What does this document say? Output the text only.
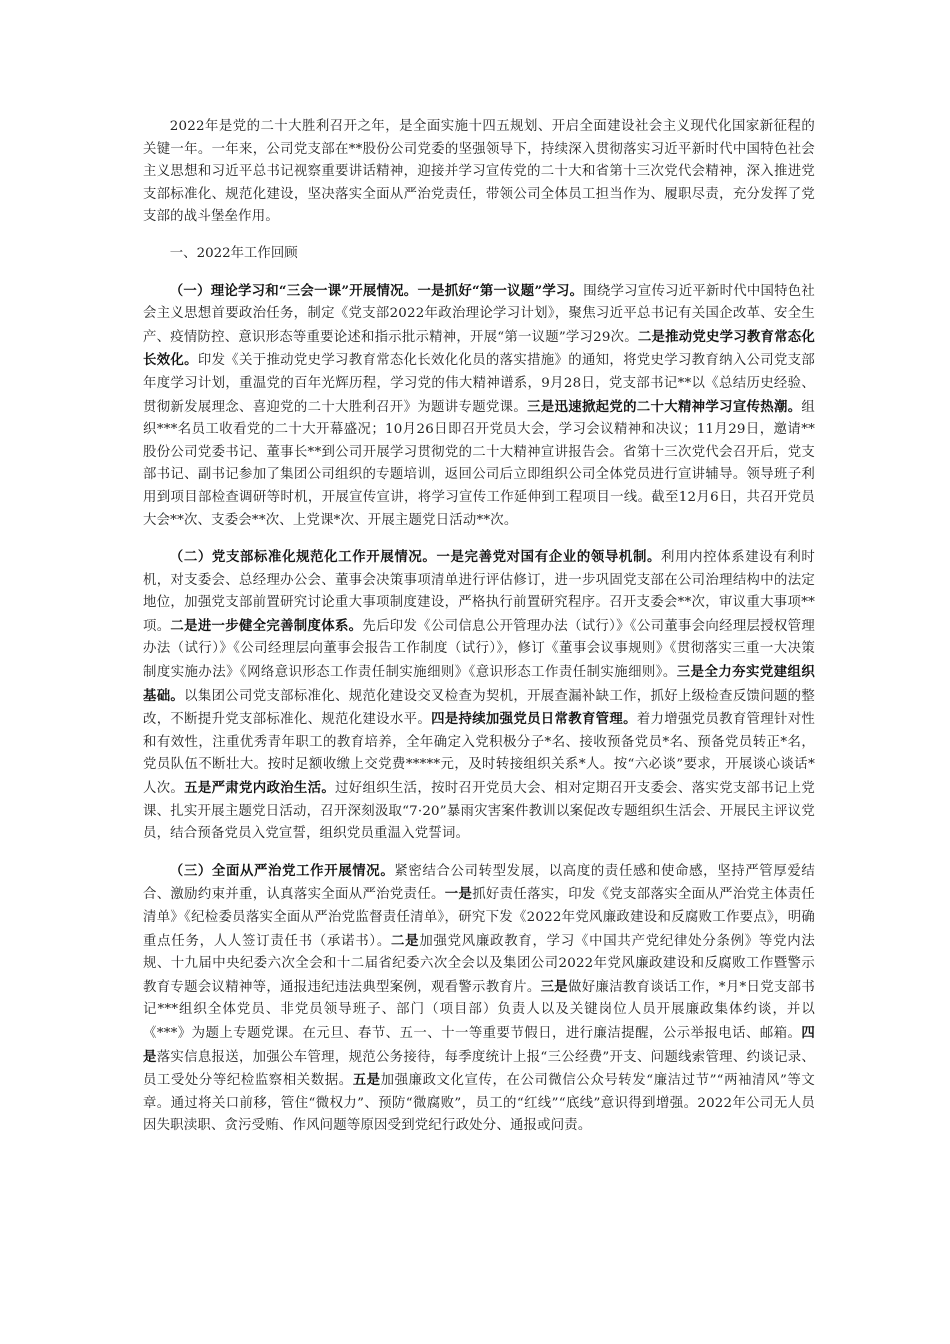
2022年是党的二十大胜利召开之年，是全面实施十四五规划、开启全面建设社会主义现代化国家新征程的关键一年。一年来，公司党支部在**股份公司党委的坚强领导下，持续深入贯彻落实习近平新时代中国特色社会主义思想和习近平总书记视察重要讲话精神，迎接并学习宣传党的二十大和省第十三次党代会精神，深入推进党支部标准化、规范化建设，坚决落实全面从严治党责任，带领公司全体员工担当作为、履职尽责，充分发挥了党支部的战斗堡垒作用。

一、2022年工作回顾

（一）理论学习和“三会一课”开展情况。一是抓好“第一议题”学习。围绕学习宣传习近平新时代中国特色社会主义思想首要政治任务，制定《党支部2022年政治理论学习计划》，聚焦习近平总书记有关国企改革、安全生产、疫情防控、意识形态等重要论述和指示批示精神，开展“第一议题”学习29次。二是推动党史学习教育常态化长效化。印发《关于推动党史学习教育常态化长效化化员的落实措施》的通知，将党史学习教育纳入公司党支部年度学习计划，重温党的百年光辉历程，学习党的伟大精神谱系，9月28日，党支部书记**以《总结历史经验、贯彻新发展理念、喜迎党的二十大胜利召开》为题讲专题党课。三是迅速掀起党的二十大精神学习宣传热潮。组织***名员工收看党的二十大开幕盛况；10月26日即召开党员大会，学习会议精神和决议；11月29日，邀请**股份公司党委书记、董事长**到公司开展学习贯彻党的二十大精神宣讲报告会。省第十三次党代会召开后，党支部书记、副书记参加了集团公司组织的专题培训，返回公司后立即组织公司全体党员进行宣讲辅导。领导班子利用到项目部检查调研等时机，开展宣传宣讲，将学习宣传工作延伸到工程项目一线。截至12月6日，共召开党员大会**次、支委会**次、上党课*次、开展主题党日活动**次。

（二）党支部标准化规范化工作开展情况。一是完善党对国有企业的领导机制。利用内控体系建设有利时机，对支委会、总经理办公会、董事会决策事项清单进行评估修订，进一步巩固党支部在公司治理结构中的法定地位，加强党支部前置研究讨论重大事项制度建设，严格执行前置研究程序。召开支委会**次，审议重大事项**项。二是进一步健全完善制度体系。先后印发《公司信息公开管理办法（试行）》《公司董事会向经理层授权管理办法（试行）》《公司经理层向董事会报告工作制度（试行）》，修订《董事会议事规则》《贯彻落实三重一大决策制度实施办法》《网络意识形态工作责任制实施细则》《意识形态工作责任制实施细则》。三是全力夯实党建组织基础。以集团公司党支部标准化、规范化建设交叉检查为契机，开展查漏补缺工作，抓好上级检查反馈问题的整改，不断提升党支部标准化、规范化建设水平。四是持续加强党员日常教育管理。着力增强党员教育管理针对性和有效性，注重优秀青年职工的教育培养，全年确定入党积极分子*名、接收预备党员*名、预备党员转正*名，党员队伍不断壮大。按时足额收缴上交党费*****元，及时转接组织关系*人。按“六必谈”要求，开展谈心谈话*人次。五是严肃党内政治生活。过好组织生活，按时召开党员大会、相对定期召开支委会、落实党支部书记上党课、扎实开展主题党日活动，召开深刻汲取“7·20”暴雨灾害案件教训以案促改专题组织生活会、开展民主评议党员，结合预备党员入党宣誓，组织党员重温入党誓词。

（三）全面从严治党工作开展情况。紧密结合公司转型发展，以高度的责任感和使命感，坚持严管厚爱结合、激励约束并重，认真落实全面从严治党责任。一是抓好责任落实，印发《党支部落实全面从严治党主体责任清单》《纪检委员落实全面从严治党监督责任清单》，研究下发《2022年党风廉政建设和反腐败工作要点》，明确重点任务，人人签订责任书（承诺书）。二是加强党风廉政教育，学习《中国共产党纪律处分条例》等党内法规、十九届中央纪委六次全会和十二届省纪委六次全会以及集团公司2022年党风廉政建设和反腐败工作暨警示教育专题会议精神等，通报违纪违法典型案例，观看警示教育片。三是做好廉洁教育谈话工作，*月*日党支部书记***组织全体党员、非党员领导班子、部门（项目部）负责人以及关键岗位人员开展廉政集体约谈，并以《***》为题上专题党课。在元旦、春节、五一、十一等重要节假日，进行廉洁提醒，公示举报电话、邮箱。四是落实信息报送，加强公车管理，规范公务接待，每季度统计上报“三公经费”开支、问题线索管理、约谈记录、员工受处分等纪检监察相关数据。五是加强廉政文化宣传，在公司微信公众号转发“廉洁过节”“两袖清风”等文章。通过将关口前移，管住“微权力”、预防“微腐败”，员工的“红线”“底线”意识得到增强。2022年公司无人员因失职渎职、贪污受贿、作风问题等原因受到党纪行政处分、通报或问责。
